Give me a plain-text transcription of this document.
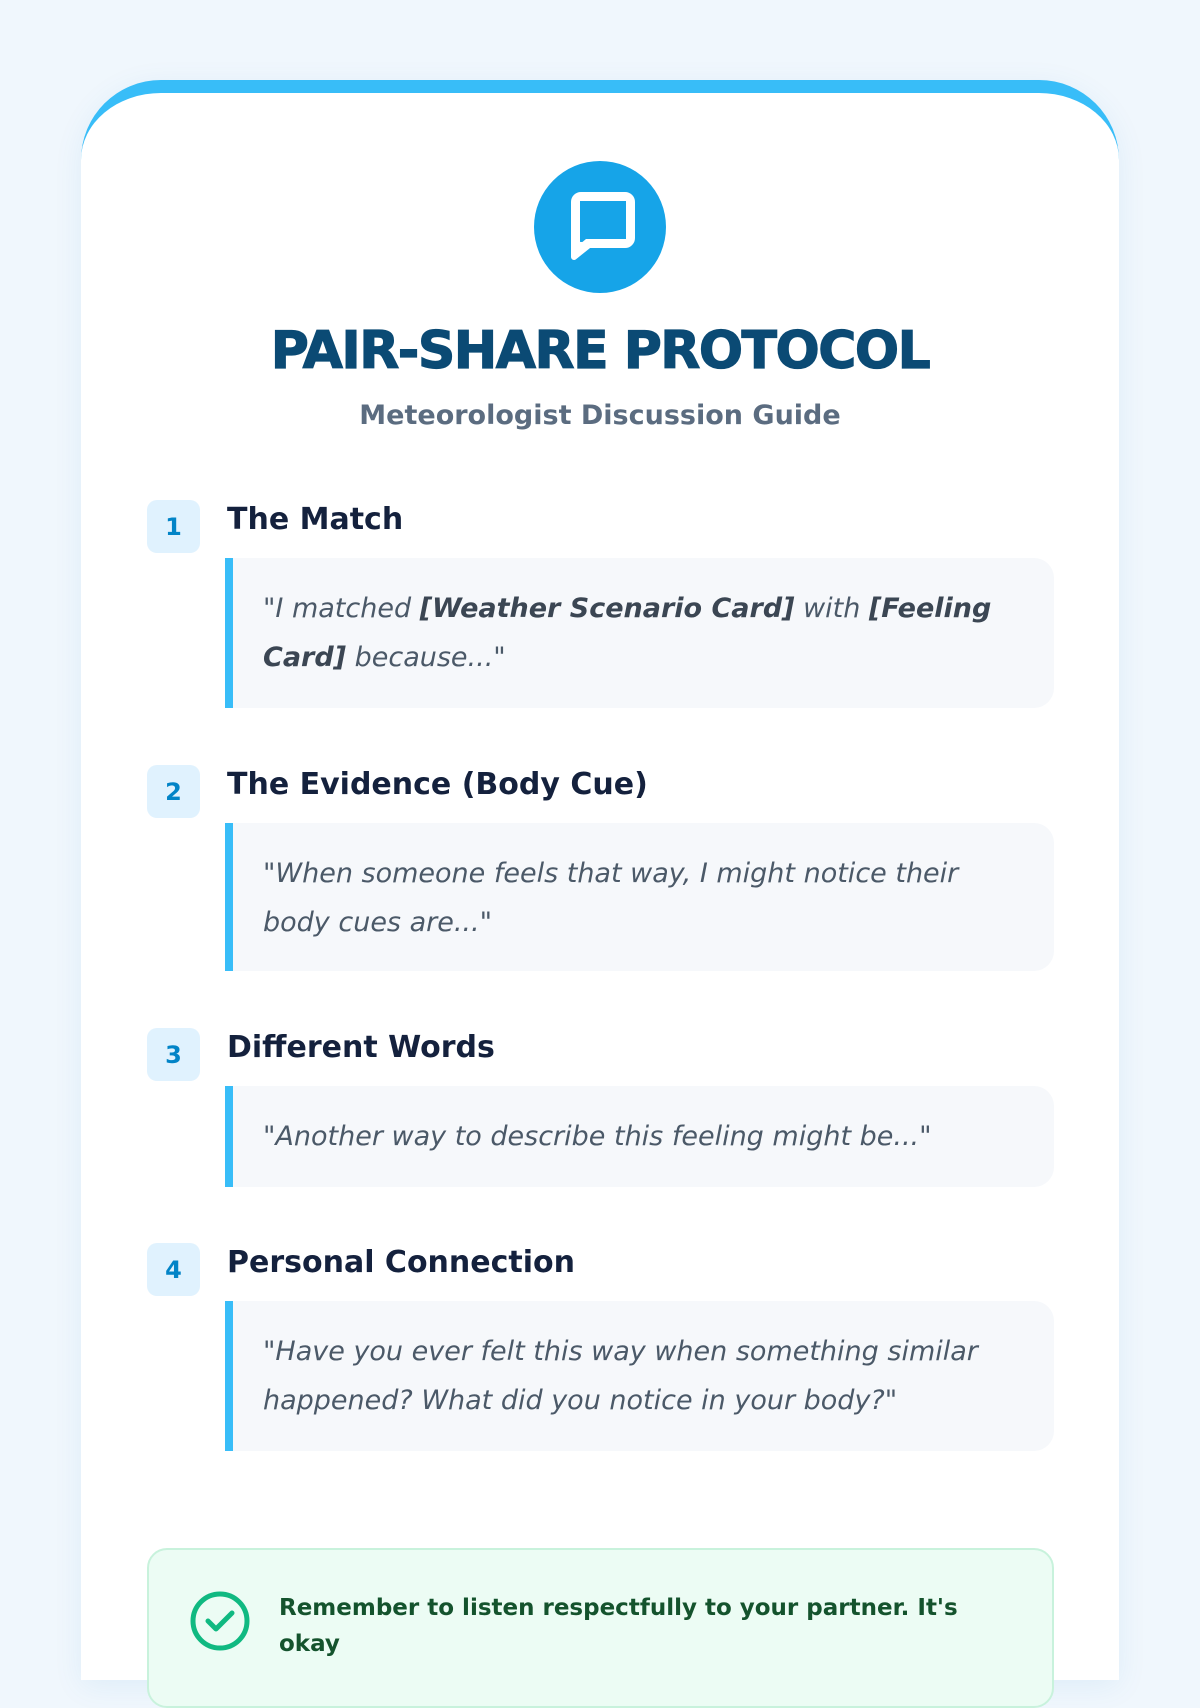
PAIR-SHARE PROTOCOL
Meteorologist Discussion Guide
1	The Match
"I matched [Weather Scenario Card] with [Feeling Card] because..."
2	The Evidence (Body Cue)
"When someone feels that way, I might notice their body cues are..."
3	Different Words
"Another way to describe this feeling might be..."
4	Personal Connection
"Have you ever felt this way when something similar happened? What did you notice in your body?"
Remember to listen respectfully to your partner. It's okay
